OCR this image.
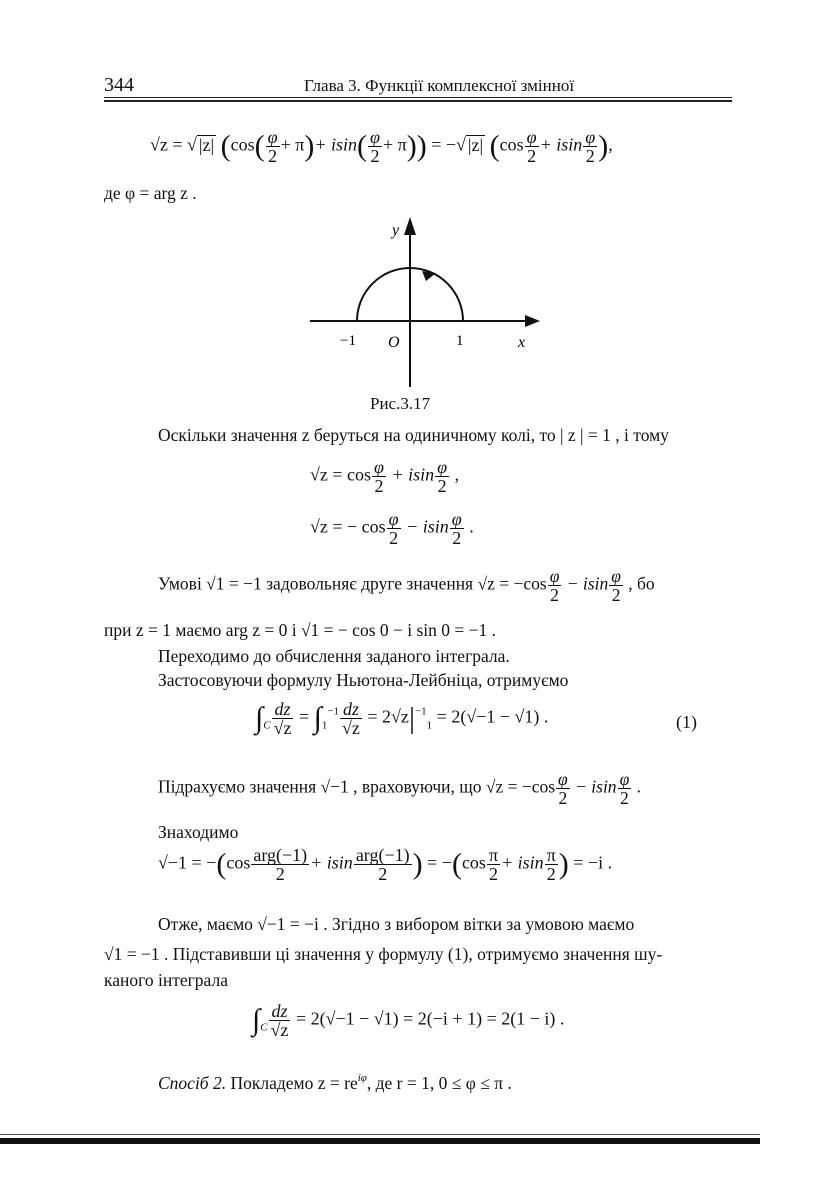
344	Глава 3. Функції комплексної змінної
√z = √ |z| $(\cos( \frac{\varphi}{2} + \pi)+ isin( \frac{\varphi}{2} + \pi))$ = −√ |z| ($\cos \frac{\varphi}{2} + isin \frac{\varphi}{2}$ ),
де φ = arg z .
y
x
O
−1	1
Рис.3.17
Оскільки значення z беруться на одиничному колі, то | z | = 1 , і тому
$√z = \cos \frac{\varphi}{2} + isin \frac{\varphi}{2}$ ,
√z = − $\cos \frac{\varphi}{2} - isin \frac{\varphi}{2}$ .
Умові √1 = −1 задовольняє друге значення $√z = -\cos \frac{\varphi}{2} - isin \frac{\varphi}{2}$ , бо
при z = 1 маємо arg z = 0 і √1 = − cos 0 − i sin 0 = −1 .
Переходимо до обчислення заданого інтеграла.
Застосовуючи формулу Ньютона-Лейбніца, отримуємо
$\int_C \frac{dz}{√z} = \int_1^{-1} \frac{dz}{√z} = 2√z|^{-1}_1 = 2(√-1 - √1)$ .	(1)
Підрахуємо значення √−1 , враховуючи, що $√z = -\cos \frac{\varphi}{2} - isin \frac{\varphi}{2}$ .
Знаходимо
$√-1 = -(\cos \frac{\text{arg(−1)}}{2} + isin \frac{\text{arg(−1)}}{2}$ ) = $-(\cos \frac{\pi}{2} + isin \frac{\pi}{2}$ ) = −i .
Отже, маємо √−1 = −i . Згідно з вибором вітки за умовою маємо
√1 = −1 . Підставивши ці значення у формулу (1), отримуємо значення шу-
каного інтеграла
$\int_C \frac{dz}{√z} = 2(√-1 - √1) = 2(-i + 1) = 2(1 - i)$ .
Спосіб 2. Покладемо $z = re^{i\varphi}$, де r = 1, 0 ≤ φ ≤ π .
